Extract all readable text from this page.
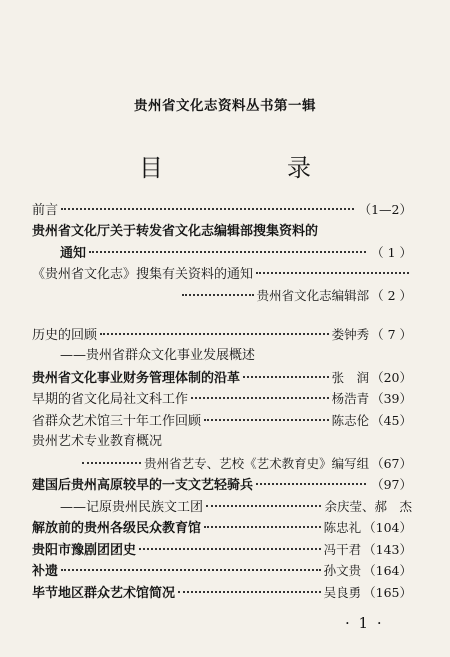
贵州省文化志资料丛书第一辑
目　录
前言	（1—2）
贵州省文化厅关于转发省文化志编辑部搜集资料的
通知	（ 1 ）
《贵州省文化志》搜集有关资料的通知
贵州省文化志编辑部 （ 2 ）
历史的回顾	娄钟秀 （ 7 ）
——贵州省群众文化事业发展概述
贵州省文化事业财务管理体制的沿革	张　润 （20）
早期的省文化局社文科工作	杨浩青 （39）
省群众艺术馆三十年工作回顾	陈志伦 （45）
贵州艺术专业教育概况
贵州省艺专、艺校《艺术教育史》编写组 （67）
建国后贵州高原较早的一支文艺轻骑兵	（97）
——记原贵州民族文工团	余庆莹、郝　杰
解放前的贵州各级民众教育馆	陈忠礼 （104）
贵阳市豫剧团团史	冯干君 （143）
补遗	孙文贵 （164）
毕节地区群众艺术馆简况	吴良勇 （165）
· 1 ·
